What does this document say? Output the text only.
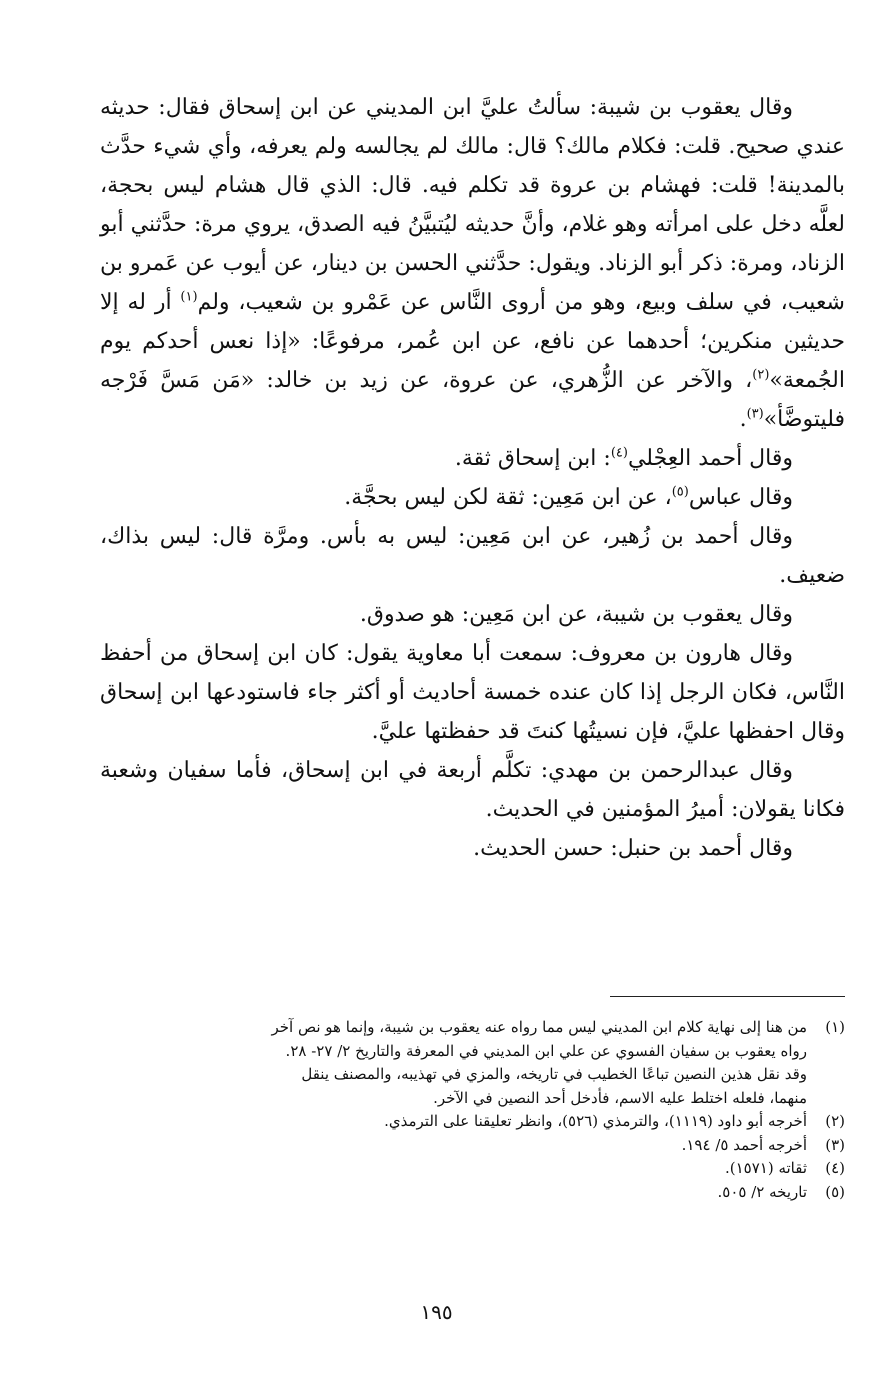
وقال يعقوب بن شيبة: سألتُ عليَّ ابن المديني عن ابن إسحاق فقال: حديثه عندي صحيح. قلت: فكلام مالك؟ قال: مالك لم يجالسه ولم يعرفه، وأي شيء حدَّث بالمدينة! قلت: فهشام بن عروة قد تكلم فيه. قال: الذي قال هشام ليس بحجة، لعلَّه دخل على امرأته وهو غلام، وأنَّ حديثه ليُتبيَّنُ فيه الصدق، يروي مرة: حدَّثني أبو الزناد، ومرة: ذكر أبو الزناد. ويقول: حدَّثني الحسن بن دينار، عن أيوب عن عَمرو بن شعيب، في سلف وبيع، وهو من أروى النَّاس عن عَمْرو بن شعيب، ولم$^{(١)}$ أر له إلا حديثين منكرين؛ أحدهما عن نافع، عن ابن عُمر، مرفوعًا: «إذا نعس أحدكم يوم الجُمعة»$^{(٢)}$، والآخر عن الزُّهري، عن عروة، عن زيد بن خالد: «مَن مَسَّ فَرْجه فليتوضَّأ»$^{(٣)}$.

وقال أحمد العِجْلي$^{(٤)}$: ابن إسحاق ثقة.

وقال عباس$^{(٥)}$، عن ابن مَعِين: ثقة لكن ليس بحجَّة.

وقال أحمد بن زُهير، عن ابن مَعِين: ليس به بأس. ومرَّة قال: ليس بذاك، ضعيف.

وقال يعقوب بن شيبة، عن ابن مَعِين: هو صدوق.

وقال هارون بن معروف: سمعت أبا معاوية يقول: كان ابن إسحاق من أحفظ النَّاس، فكان الرجل إذا كان عنده خمسة أحاديث أو أكثر جاء فاستودعها ابن إسحاق وقال احفظها عليَّ، فإن نسيتُها كنتَ قد حفظتها عليَّ.

وقال عبدالرحمن بن مهدي: تكلَّم أربعة في ابن إسحاق، فأما سفيان وشعبة فكانا يقولان: أميرُ المؤمنين في الحديث.

وقال أحمد بن حنبل: حسن الحديث.

(١)
من هنا إلى نهاية كلام ابن المديني ليس مما رواه عنه يعقوب بن شيبة، وإنما هو نص آخر
رواه يعقوب بن سفيان الفسوي عن علي ابن المديني في المعرفة والتاريخ ٢/ ٢٧- ٢٨.
وقد نقل هذين النصين تباعًا الخطيب في تاريخه، والمزي في تهذيبه، والمصنف ينقل
منهما، فلعله اختلط عليه الاسم، فأدخل أحد النصين في الآخر.
(٢)
أخرجه أبو داود (١١١٩)، والترمذي (٥٢٦)، وانظر تعليقنا على الترمذي.
(٣)
أخرجه أحمد ٥/ ١٩٤.
(٤)
ثقاته (١٥٧١).
(٥)
تاريخه ٢/ ٥٠٥.
١٩٥
